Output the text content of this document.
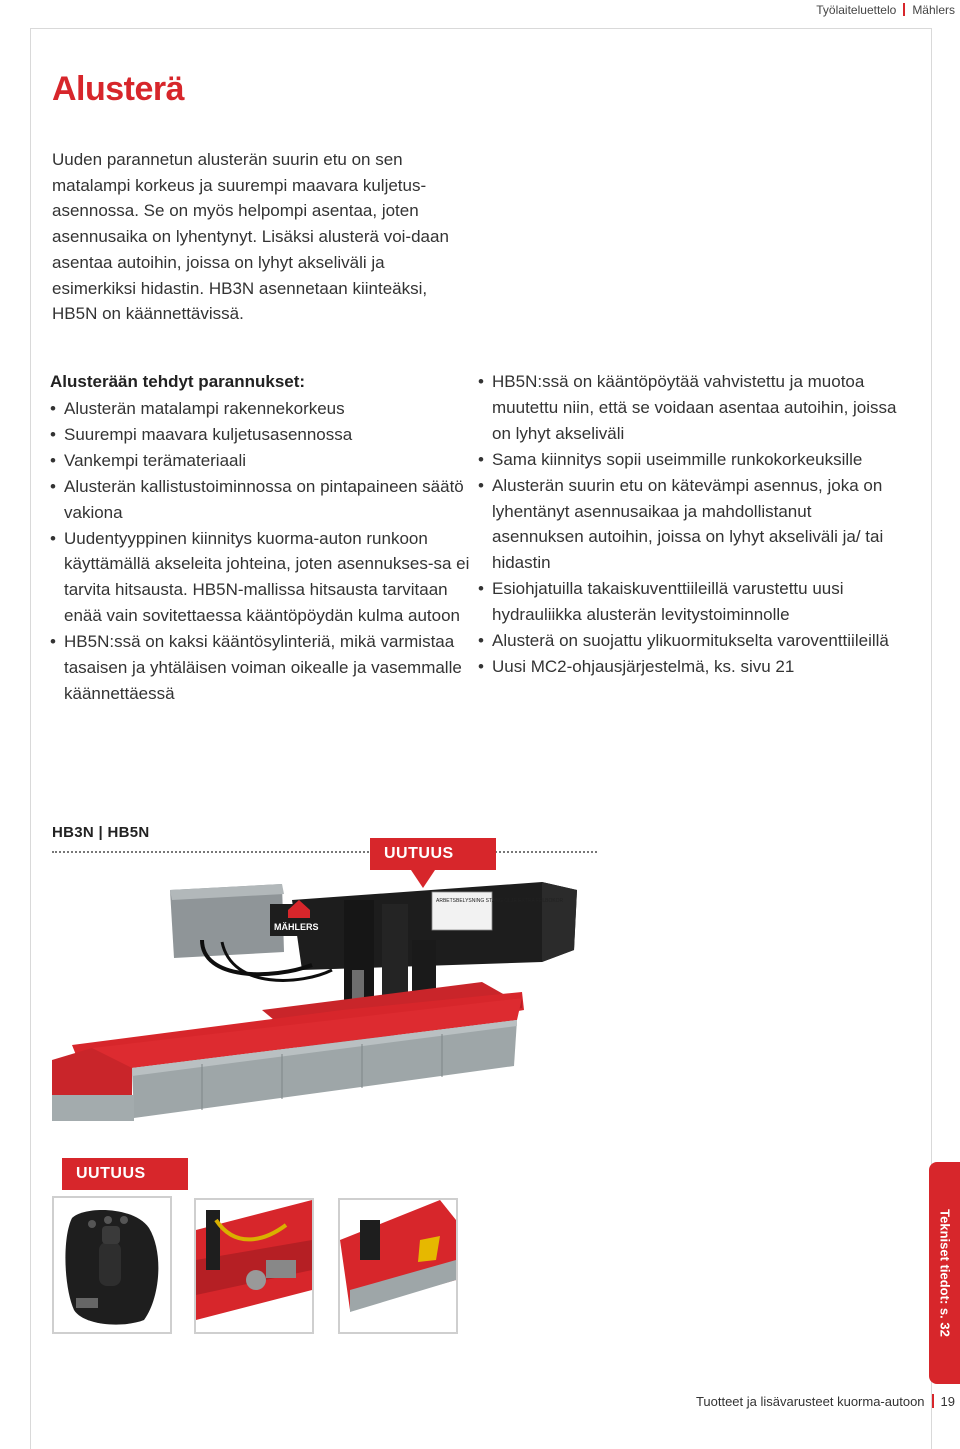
Työlaiteluettelo Mählers
Alusterä
Uuden parannetun alusterän suurin etu on sen matalampi korkeus ja suurempi maavara kuljetus-asennossa. Se on myös helpompi asentaa, joten asennusaika on lyhentynyt. Lisäksi alusterä voi-daan asentaa autoihin, joissa on lyhyt akseliväli ja esimerkiksi hidastin. HB3N asennetaan kiinteäksi, HB5N on käännettävissä.
Alusterään tehdyt parannukset:
• Alusterän matalampi rakennekorkeus
• Suurempi maavara kuljetusasennossa
• Vankempi terämateriaali
• Alusterän kallistustoiminnossa on pintapaineen säätö vakiona
• Uudentyyppinen kiinnitys kuorma-auton runkoon käyttämällä akseleita johteina, joten asennukses-sa ei tarvita hitsausta. HB5N-mallissa hitsausta tarvitaan enää vain sovitettaessa kääntöpöydän kulma autoon
• HB5N:ssä on kaksi kääntösylinteriä, mikä varmistaa tasaisen ja yhtäläisen voiman oikealle ja vasemmalle käännettäessä
• HB5N:ssä on kääntöpöytää vahvistettu ja muotoa muutettu niin, että se voidaan asentaa autoihin, joissa on lyhyt akseliväli
• Sama kiinnitys sopii useimmille runkokorkeuksille
• Alusterän suurin etu on kätevämpi asennus, joka on lyhentänyt asennusaikaa ja mahdollistanut asennuksen autoihin, joissa on lyhyt akseliväli ja/ tai hidastin
• Esiohjatuilla takaiskuventtiileillä varustettu uusi hydrauliikka alusterän levitystoiminnolle
• Alusterä on suojattu ylikuormitukselta varoventtiileillä
• Uusi MC2-ohjausjärjestelmä, ks. sivu 21
HB3N | HB5N
ARBETSBELYSNING STÄNG OLJE EXTRA FELBOKOR
MÄHLERS
UUTUUS
UUTUUS
Tekniset tiedot: s. 32
Tuotteet ja lisävarusteet kuorma-autoon 19
